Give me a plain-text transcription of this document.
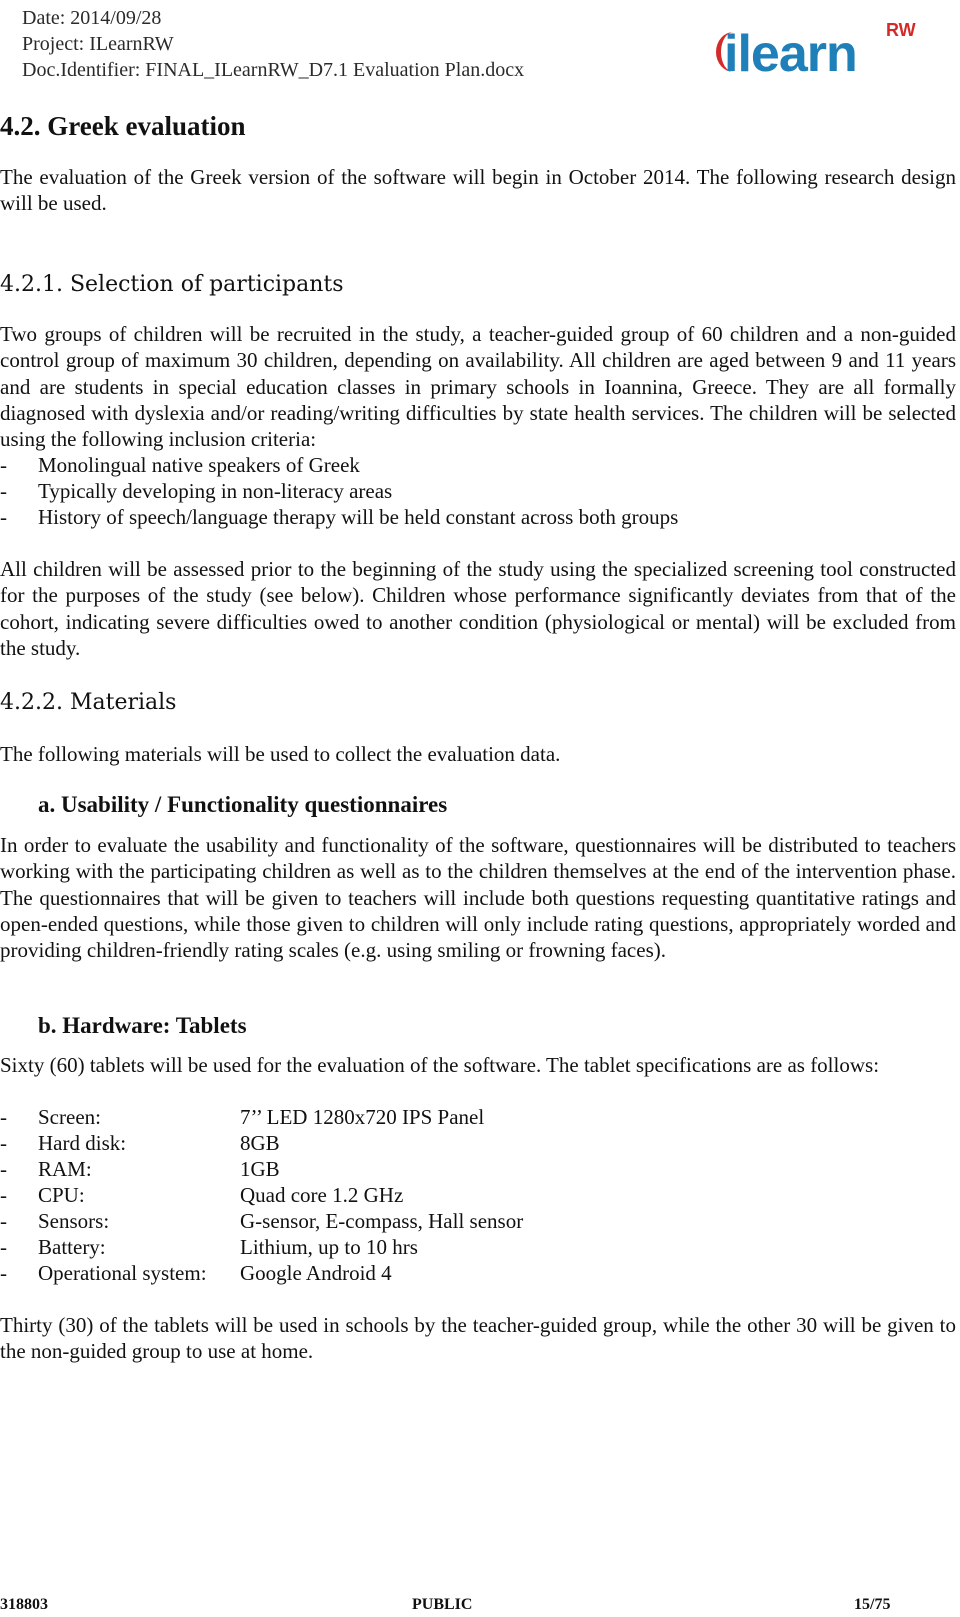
Date: 2014/09/28
Project: ILearnRW
Doc.Identifier: FINAL_ILearnRW_D7.1 Evaluation Plan.docx	ilearn RW
4.2. Greek evaluation

The evaluation of the Greek version of the software will begin in October 2014. The following research design will be used.

4.2.1. Selection of participants

Two groups of children will be recruited in the study, a teacher-guided group of 60 children and a non-guided control group of maximum 30 children, depending on availability. All children are aged between 9 and 11 years and are students in special education classes in primary schools in Ioannina, Greece. They are all formally diagnosed with dyslexia and/or reading/writing difficulties by state health services. The children will be selected using the following inclusion criteria:

- Monolingual native speakers of Greek
- Typically developing in non-literacy areas
- History of speech/language therapy will be held constant across both groups

All children will be assessed prior to the beginning of the study using the specialized screening tool constructed for the purposes of the study (see below). Children whose performance significantly deviates from that of the cohort, indicating severe difficulties owed to another condition (physiological or mental) will be excluded from the study.

4.2.2. Materials

The following materials will be used to collect the evaluation data.

a. Usability / Functionality questionnaires

In order to evaluate the usability and functionality of the software, questionnaires will be distributed to teachers working with the participating children as well as to the children themselves at the end of the intervention phase. The questionnaires that will be given to teachers will include both questions requesting quantitative ratings and open-ended questions, while those given to children will only include rating questions, appropriately worded and providing children-friendly rating scales (e.g. using smiling or frowning faces).

b. Hardware: Tablets

Sixty (60) tablets will be used for the evaluation of the software. The tablet specifications are as follows:

- Screen:	7’’ LED 1280x720 IPS Panel
- Hard disk:	8GB
- RAM:	1GB
- CPU:	Quad core 1.2 GHz
- Sensors:	G-sensor, E-compass, Hall sensor
- Battery:	Lithium, up to 10 hrs
- Operational system: Google Android 4

Thirty (30) of the tablets will be used in schools by the teacher-guided group, while the other 30 will be given to the non-guided group to use at home.

318803	PUBLIC	15/75
